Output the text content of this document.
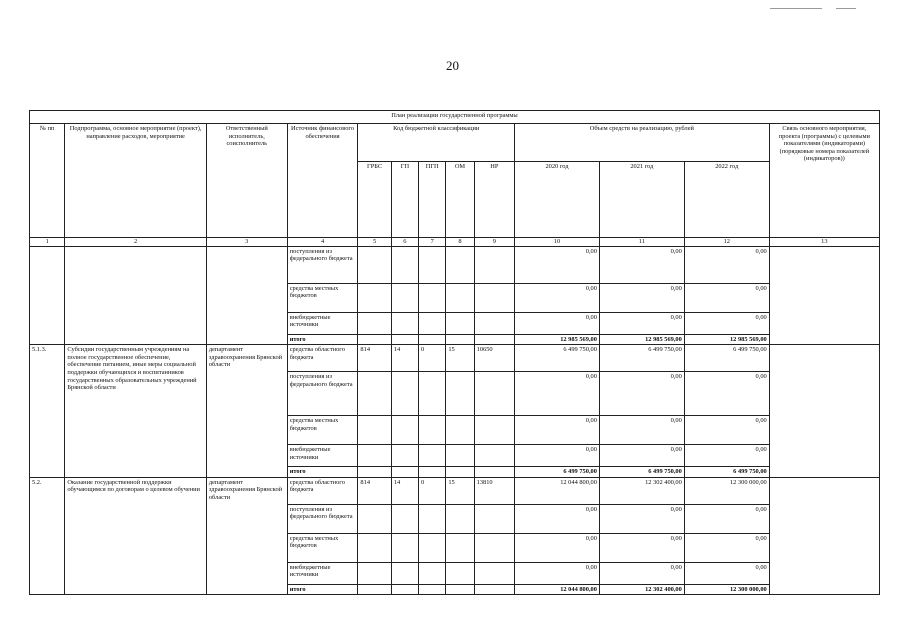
20
План реализации государственной программы												
№ пп	Подпрограмма, основное мероприятие (проект), направление расходов, мероприятие	Ответственный исполнитель, соисполнитель	Источник финансового обеспечения	Код бюджетной классификации					Объем средств на реализацию, рублей			Связь основного мероприятия, проекта (программы) с целевыми показателями (индикаторами) (порядковые номера показателей (индикаторов))
				ГРБС	ГП	ПГП	ОМ	НР	2020 год	2021 год	2022 год	
1	2	3	4	5	6	7	8	9	10	11	12	13
			поступления из федерального бюджета						0,00	0,00	0,00	
			средства местных бюджетов						0,00	0,00	0,00	
			внебюджетные источники						0,00	0,00	0,00	
			итого						12 985 569,00	12 985 569,00	12 985 569,00	
5.1.3.	Субсидии государственным учреждениям на полное государственное обеспечение, обеспечение питанием, иные меры социальной поддержки обучающихся и воспитанников государственных образовательных учреждений Брянской области	департамент здравоохранения Брянской области	средства областного бюджета	814	14	0	15	10650	6 499 750,00	6 499 750,00	6 499 750,00	
			поступления из федерального бюджета						0,00	0,00	0,00	
			средства местных бюджетов						0,00	0,00	0,00	
			внебюджетные источники						0,00	0,00	0,00	
			итого						6 499 750,00	6 499 750,00	6 499 750,00	
5.2.	Оказание государственной поддержки обучающимся по договорам о целевом обучении	департамент здравоохранения Брянской области	средства областного бюджета	814	14	0	15	13810	12 044 800,00	12 302 400,00	12 300 000,00	
			поступления из федерального бюджета						0,00	0,00	0,00	
			средства местных бюджетов						0,00	0,00	0,00	
			внебюджетные источники						0,00	0,00	0,00	
			итого						12 044 800,00	12 302 400,00	12 300 000,00	
